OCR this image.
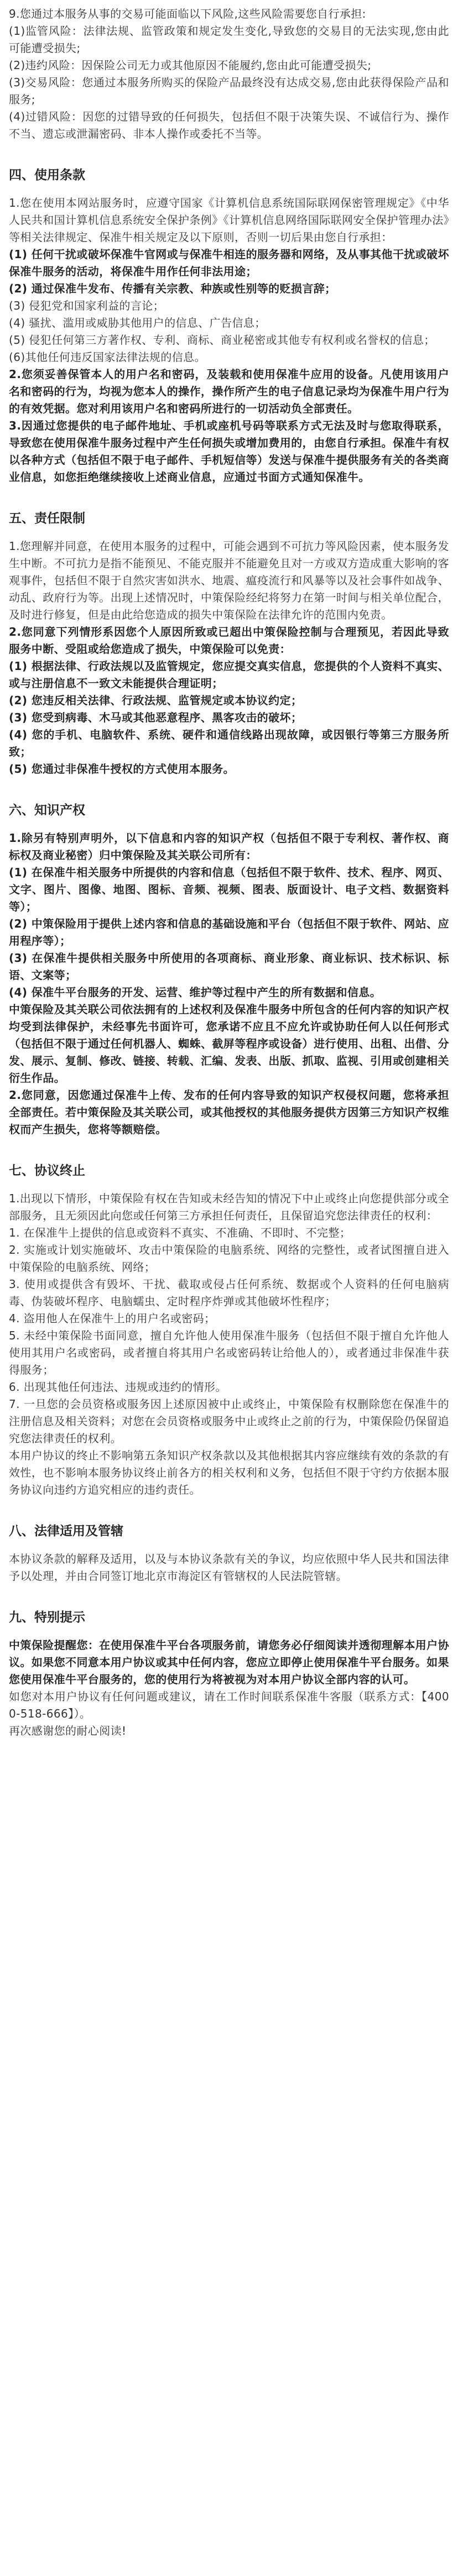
9.您通过本服务从事的交易可能面临以下风险,这些风险需要您自行承担:

(1)监管风险：法律法规、监管政策和规定发生变化,导致您的交易目的无法实现,您由此可能遭受损失;

(2)违约风险：因保险公司无力或其他原因不能履约,您由此可能遭受损失;

(3)交易风险：您通过本服务所购买的保险产品最终没有达成交易,您由此获得保险产品和服务;

(4)过错风险：因您的过错导致的任何损失，包括但不限于决策失误、不诚信行为、操作不当、遗忘或泄漏密码、非本人操作或委托不当等。

四、使用条款

1.您在使用本网站服务时，应遵守国家《计算机信息系统国际联网保密管理规定》《中华人民共和国计算机信息系统安全保护条例》《计算机信息网络国际联网安全保护管理办法》等相关法律规定、保准牛相关规定及以下原则，否则一切后果由您自行承担：

(1) 任何干扰或破坏保准牛官网或与保准牛相连的服务器和网络，及从事其他干扰或破坏保准牛服务的活动，将保准牛用作任何非法用途；

(2) 通过保准牛发布、传播有关宗教、种族或性别等的贬损言辞；

(3) 侵犯党和国家利益的言论；

(4) 骚扰、滥用或威胁其他用户的信息、广告信息；

(5) 侵犯任何第三方著作权、专利、商标、商业秘密或其他专有权利或名誉权的信息；

(6)其他任何违反国家法律法规的信息。

2.您须妥善保管本人的用户名和密码，及装载和使用保准牛应用的设备。凡使用该用户名和密码的行为，均视为您本人的操作，操作所产生的电子信息记录均为保准牛用户行为的有效凭据。您对利用该用户名和密码所进行的一切活动负全部责任。

3.因通过您提供的电子邮件地址、手机或座机号码等联系方式无法及时与您取得联系，导致您在使用保准牛服务过程中产生任何损失或增加费用的，由您自行承担。保准牛有权以各种方式（包括但不限于电子邮件、手机短信等）发送与保准牛提供服务有关的各类商业信息，如您拒绝继续接收上述商业信息，应通过书面方式通知保准牛。

五、责任限制

1.您理解并同意，在使用本服务的过程中，可能会遇到不可抗力等风险因素，使本服务发生中断。不可抗力是指不能预见、不能克服并不能避免且对一方或双方造成重大影响的客观事件，包括但不限于自然灾害如洪水、地震、瘟疫流行和风暴等以及社会事件如战争、动乱、政府行为等。出现上述情况时，中策保险经纪将努力在第一时间与相关单位配合，及时进行修复，但是由此给您造成的损失中策保险在法律允许的范围内免责。

2.您同意下列情形系因您个人原因所致或已超出中策保险控制与合理预见，若因此导致服务中断、受阻或给您造成了损失，中策保险可以免责：

(1) 根据法律、行政法规以及监管规定，您应提交真实信息，您提供的个人资料不真实、或与注册信息不一致文未能提供合理证明；

(2) 您违反相关法律、行政法规、监管规定或本协议约定；

(3) 您受到病毒、木马或其他恶意程序、黑客攻击的破坏；

(4) 您的手机、电脑软件、系统、硬件和通信线路出现故障，或因银行等第三方服务所致；

(5) 您通过非保准牛授权的方式使用本服务。

六、知识产权

1.除另有特别声明外，以下信息和内容的知识产权（包括但不限于专利权、著作权、商标权及商业秘密）归中策保险及其关联公司所有：

(1) 在保准牛相关服务中所提供的内容和信息（包括但不限于软件、技术、程序、网页、文字、图片、图像、地图、图标、音频、视频、图表、版面设计、电子文档、数据资料等）；

(2) 中策保险用于提供上述内容和信息的基础设施和平台（包括但不限于软件、网站、应用程序等）；

(3) 在保准牛提供相关服务中所使用的各项商标、商业形象、商业标识、技术标识、标语、文案等；

(4) 保准牛平台服务的开发、运营、维护等过程中产生的所有数据和信息。

中策保险及其关联公司依法拥有的上述权利及保准牛服务中所包含的任何内容的知识产权均受到法律保护，未经事先书面许可，您承诺不应且不应允许或协助任何人以任何形式（包括但不限于通过任何机器人、蜘蛛、截屏等程序或设备）进行使用、出租、出借、分发、展示、复制、修改、链接、转载、汇编、发表、出版、抓取、监视、引用或创建相关衍生作品。

2.您同意，因您通过保准牛上传、发布的任何内容导致的知识产权侵权问题，您将承担全部责任。若中策保险及其关联公司，或其他授权的其他服务提供方因第三方知识产权维权而产生损失，您将等额赔偿。

七、协议终止

1.出现以下情形，中策保险有权在告知或未经告知的情况下中止或终止向您提供部分或全部服务，且无须因此向您或任何第三方承担任何责任，且保留追究您法律责任的权利：

1. 在保准牛上提供的信息或资料不真实、不准确、不即时、不完整；

2. 实施或计划实施破坏、攻击中策保险的电脑系统、网络的完整性，或者试图擅自进入中策保险的电脑系统、网络；

3. 使用或提供含有毁坏、干扰、截取或侵占任何系统、数据或个人资料的任何电脑病毒、伪装破坏程序、电脑蠕虫、定时程序炸弹或其他破坏性程序；

4. 盗用他人在保准牛上的用户名或密码；

5. 未经中策保险书面同意，擅自允许他人使用保准牛服务（包括但不限于擅自允许他人使用其用户名或密码，或者擅自将其用户名或密码转让给他人的），或者通过非保准牛获得服务；

6. 出现其他任何违法、违规或违约的情形。

7. 一旦您的会员资格或服务因上述原因被中止或终止，中策保险有权删除您在保准牛的注册信息及相关资料；对您在会员资格或服务中止或终止之前的行为，中策保险仍保留追究您法律责任的权利。

本用户协议的终止不影响第五条知识产权条款以及其他根据其内容应继续有效的条款的有效性，也不影响本服务协议终止前各方的相关权利和义务，包括但不限于守约方依据本服务协议向违约方追究相应的违约责任。

八、法律适用及管辖

本协议条款的解释及适用，以及与本协议条款有关的争议，均应依照中华人民共和国法律予以处理，并由合同签订地北京市海淀区有管辖权的人民法院管辖。

九、特别提示

中策保险提醒您：在使用保准牛平台各项服务前，请您务必仔细阅读并透彻理解本用户协议。如果您不同意本用户协议或其中任何内容，您应立即停止使用保准牛平台服务。如果您使用保准牛平台服务的，您的使用行为将被视为对本用户协议全部内容的认可。

如您对本用户协议有任何问题或建议，请在工作时间联系保准牛客服（联系方式：【4000-518-666】）。

再次感谢您的耐心阅读!
